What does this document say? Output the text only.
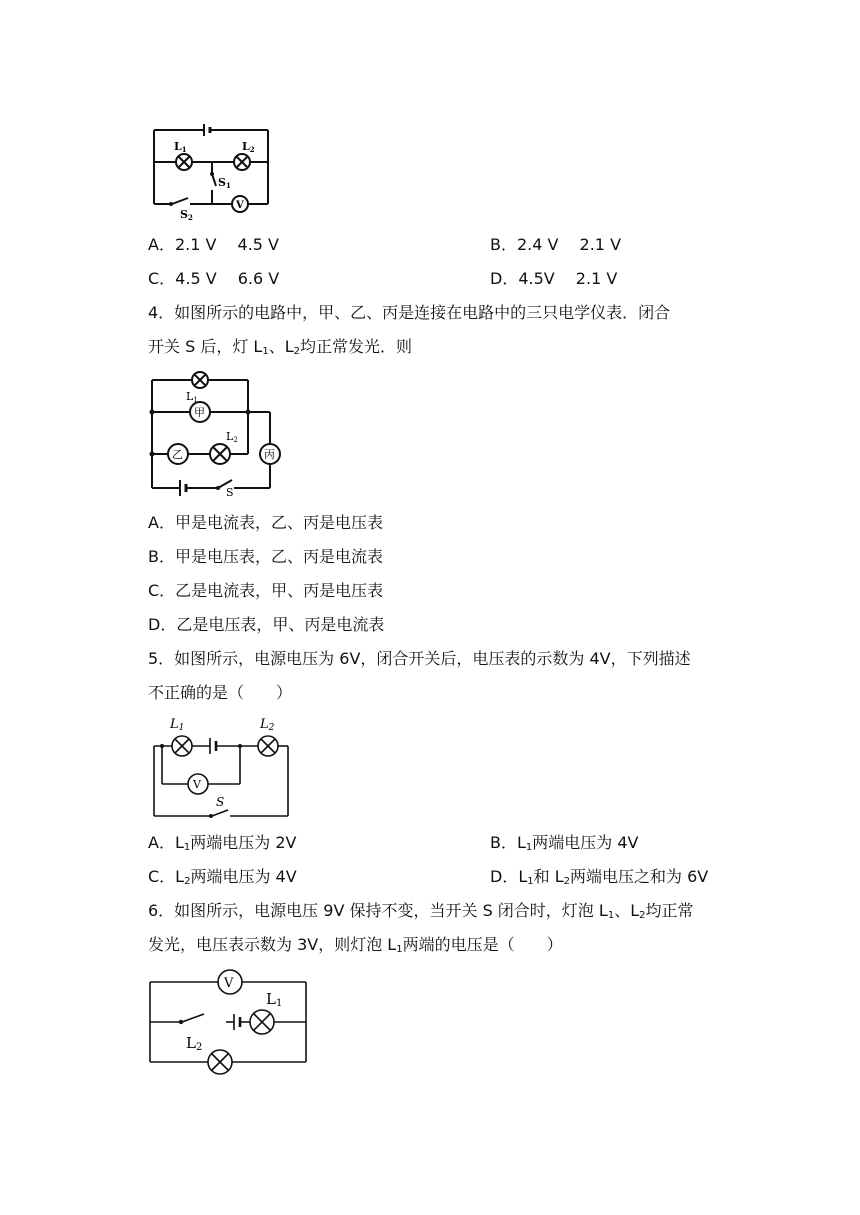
L1	L2
S1
S2
V
A．2.1 V　 4.5 V	B．2.4 V　 2.1 V
C．4.5 V　 6.6 V	D．4.5V　 2.1 V
4．如图所示的电路中，甲、乙、丙是连接在电路中的三只电学仪表．闭合
开关 S 后，灯 $L_1$、$L_2$均正常发光．则
L1
L2
甲
乙	丙
S
A．甲是电流表，乙、丙是电压表
B．甲是电压表，乙、丙是电流表
C．乙是电流表，甲、丙是电压表
D．乙是电压表，甲、丙是电流表
5．如图所示，电源电压为 6V，闭合开关后，电压表的示数为 4V，下列描述
不正确的是（　　）
L1	L2
V
S
A．$L_1$两端电压为 2V	B．$L_1$两端电压为 4V
C．$L_2$两端电压为 4V	D．$L_1$和 $L_2$两端电压之和为 6V
6．如图所示，电源电压 9V 保持不变，当开关 S 闭合时，灯泡 $L_1$、$L_2$均正常
发光，电压表示数为 3V，则灯泡 $L_1$两端的电压是（　　）
V
L1
L2
